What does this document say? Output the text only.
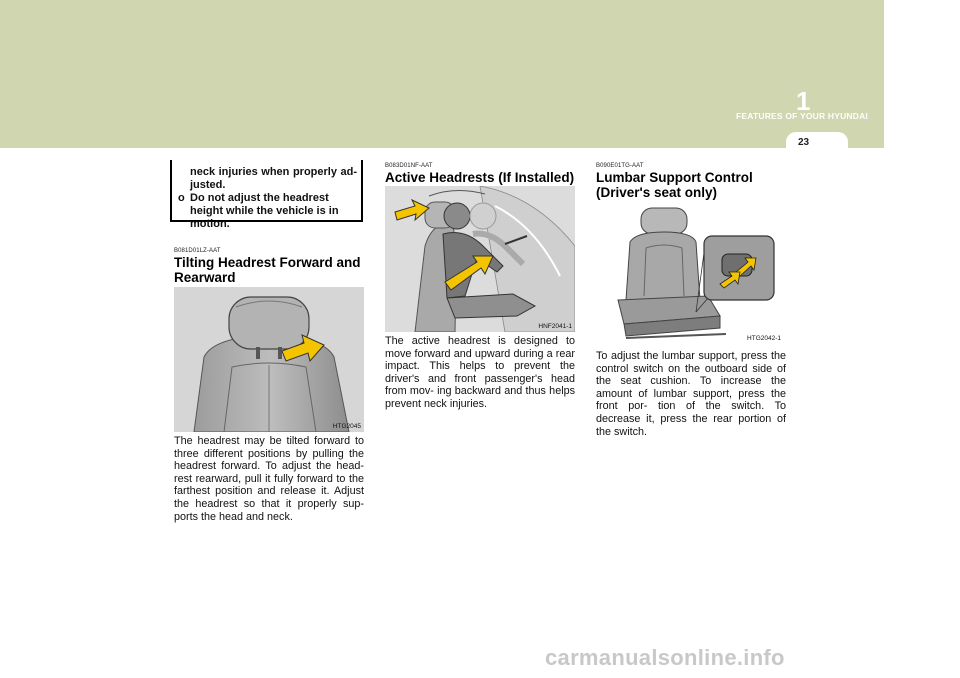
FEATURES OF YOUR HYUNDAI
1
23
neck injuries when properly ad- justed.
o Do not adjust the headrest height while the vehicle is in motion.
B081D01LZ-AAT
Tilting Headrest Forward and Rearward
HTG2045
The headrest may be tilted forward to three different positions by pulling the headrest forward. To adjust the head- rest rearward, pull it fully forward to the farthest position and release it. Adjust the headrest so that it properly sup- ports the head and neck.
B083D01NF-AAT
Active Headrests (If Installed)
HNF2041-1
The active headrest is designed to move forward and upward during a rear impact. This helps to prevent the driver's and front passenger's head from mov- ing backward and thus helps prevent neck injuries.
B090E01TG-AAT
Lumbar Support Control (Driver's seat only)
HTG2042-1
To adjust the lumbar support, press the control switch on the outboard side of the seat cushion. To increase the amount of lumbar support, press the front por- tion of the switch. To decrease it, press the rear portion of the switch.
carmanualsonline.info
